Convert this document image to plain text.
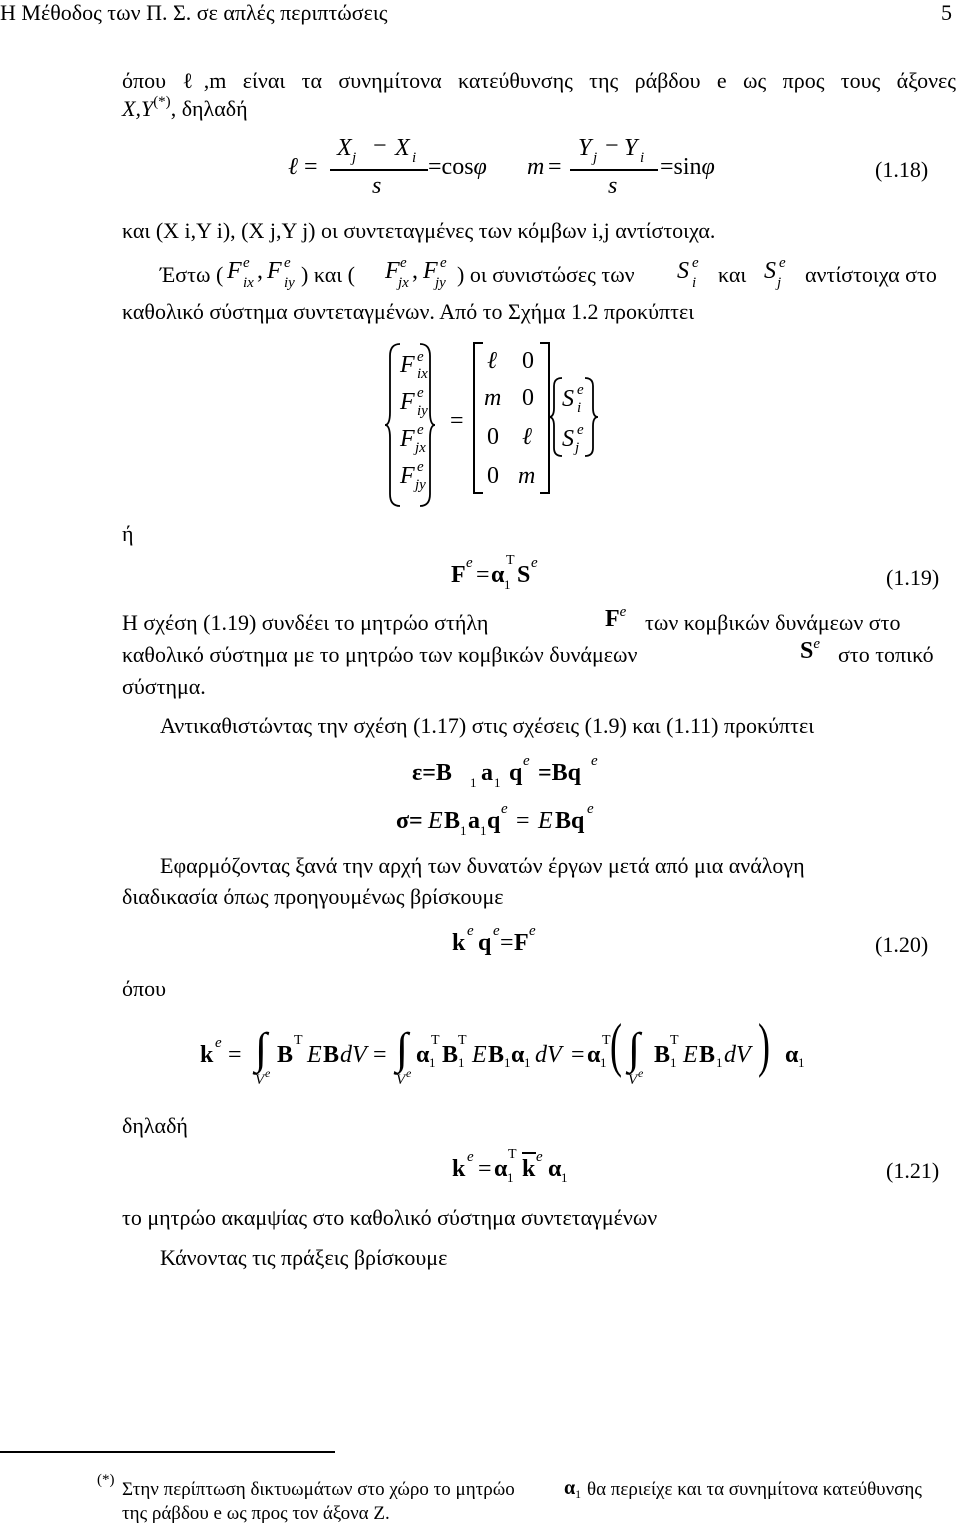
Η Μέθοδος των Π. Σ. σε απλές περιπτώσεις	5
όπου ℓ,m είναι τα συνημίτονα κατεύθυνσης της ράβδου e ως προς τους άξονες
X,Y(*), δηλαδή
ℓ =
X j − X i
s
=cosφ m =
Y j − Y i
s
=sinφ	(1.18)
και (X i,Y i), (X j,Y j) οι συντεταγμένες των κόμβων i,j αντίστοιχα.
Έστω ( F e
ix , F e
iy	F e
jx , F e
jy	S e
i	S e
j
) και (	) οι συνιστώσες των	και	αντίστοιχα στο
καθολικό σύστημα συντεταγμένων. Από το Σχήμα 1.2 προκύπτει
F e
ix
F e
iy
F e
jx
F e
jy
=
ℓ 0
m 0
0 ℓ
0 m
S e
i
S e
j
ή
F e = α 1
T
S e
(1.19)
Η σχέση (1.19) συνδέει το μητρώο στήλη	$F^e$ των κομβικών δυνάμεων στο
καθολικό σύστημα με το μητρώο των κομβικών δυνάμεων	$S^e$ στο τοπικό
σύστημα.
Αντικαθιστώντας την σχέση (1.17) στις σχέσεις (1.9) και (1.11) προκύπτει
ε=B 1 a 1 q e =Bq e
σ= E B 1 a 1 q e = E Bq e
Εφαρμόζοντας ξανά την αρχή των δυνατών έργων μετά από μια ανάλογη
διαδικασία όπως προηγουμένως βρίσκουμε
k e q e = F e
(1.20)
όπου
k e = ∫
V e
B
T
E B dV = ∫
V e
α 1
T
B 1
T
E B 1 α 1 dV = α 1
T ( ∫
V e
B 1
T
E B 1 dV ) α 1
δηλαδή
k e = α 1
T
k e α 1	(1.21)
το μητρώο ακαμψίας στο καθολικό σύστημα συντεταγμένων
Κάνοντας τις πράξεις βρίσκουμε
(*) Στην περίπτωση δικτυωμάτων στο χώρο το μητρώο $\alpha_1$ θα περιείχε και τα συνημίτονα κατεύθυνσης
της ράβδου e ως προς τον άξονα Z.
